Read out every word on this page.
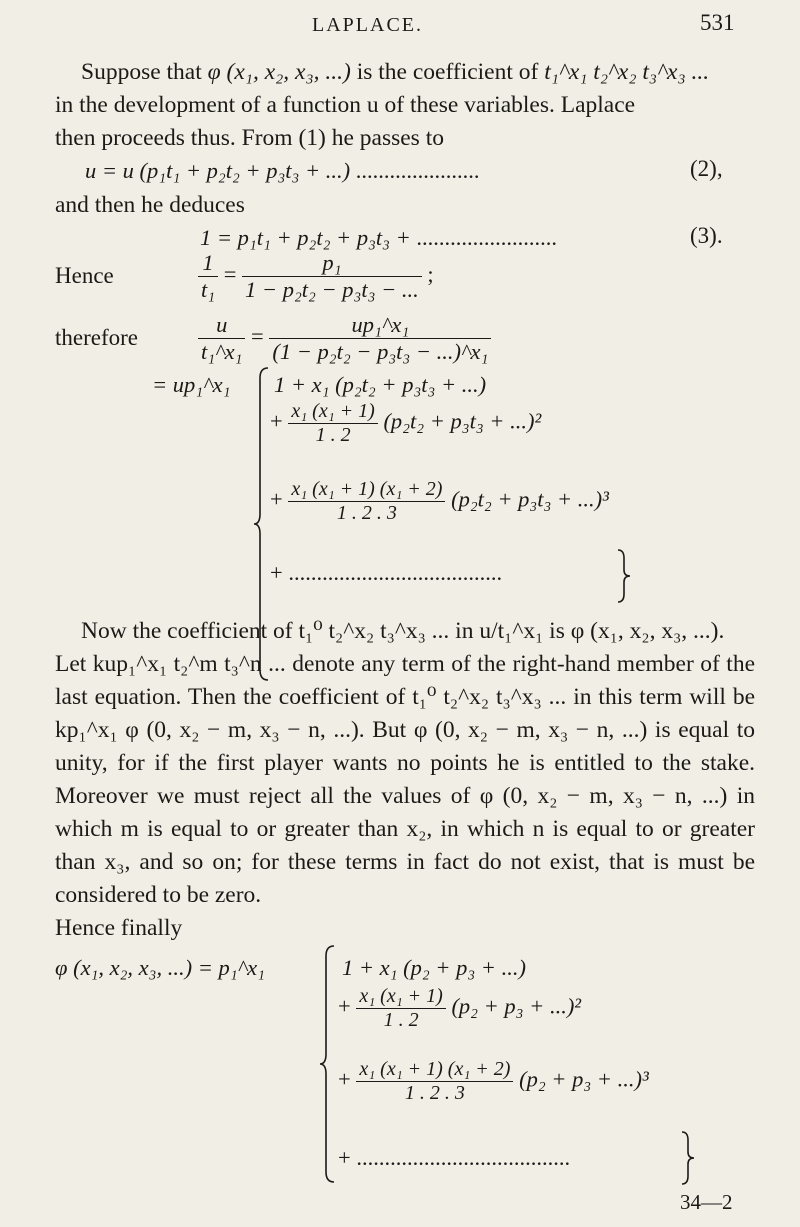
LAPLACE.	531
Suppose that φ (x₁, x₂, x₃, ...) is the coefficient of t₁^x₁ t₂^x₂ t₃^x₃ ...
in the development of a function u of these variables. Laplace
then proceeds thus. From (1) he passes to
u = u (p₁t₁ + p₂t₂ + p₃t₃ + ...) ......................	(2),
and then he deduces
1 = p₁t₁ + p₂t₂ + p₃t₃ + .........................	(3).
Hence	$\frac{1}{\text{t₁}} = \frac{\text{p₁}}{\text{1 − p₂t₂ − p₃t₃ − ...}}$ ;
therefore	$\frac{u}{\text{t₁\textasciicircum{}x₁}} = \frac{\text{up₁\textasciicircum{}x₁}}{\text{(1 − p₂t₂ − p₃t₃ − ...)\textasciicircum{}x₁}}$
= up₁^x₁ 1 + x₁ (p₂t₂ + p₃t₃ + ...)
+ $\frac{\text{x₁ (x₁ + 1)}}{1 . 2} (p_2t_2 + p_3t_3 + ...)^2$
+ $\frac{\text{x₁ (x₁ + 1) (x₁ + 2)}}{1 . 2 . 3} (p_2t_2 + p_3t_3 + ...)^3$
+ ......................................
Now the coefficient of t₁⁰ t₂^x₂ t₃^x₃ ... in u/t₁^x₁ is φ (x₁, x₂, x₃, ...).
Let kup₁^x₁ t₂^m t₃^n ... denote any term of the right-hand member of the last equation. Then the coefficient of t₁⁰ t₂^x₂ t₃^x₃ ... in this term will be kp₁^x₁ φ (0, x₂ − m, x₃ − n, ...). But φ (0, x₂ − m, x₃ − n, ...) is equal to unity, for if the first player wants no points he is entitled to the stake. Moreover we must reject all the values of φ (0, x₂ − m, x₃ − n, ...) in which m is equal to or greater than x₂, in which n is equal to or greater than x₃, and so on; for these terms in fact do not exist, that is must be considered to be zero.
Hence finally
φ (x₁, x₂, x₃, ...) = p₁^x₁	1 + x₁ (p₂ + p₃ + ...)
+ $\frac{\text{x₁ (x₁ + 1)}}{1 . 2} (p_2 + p_3 + ...)^2$
+ $\frac{\text{x₁ (x₁ + 1) (x₁ + 2)}}{1 . 2 . 3} (p_2 + p_3 + ...)^3$
+ ......................................
34—2
